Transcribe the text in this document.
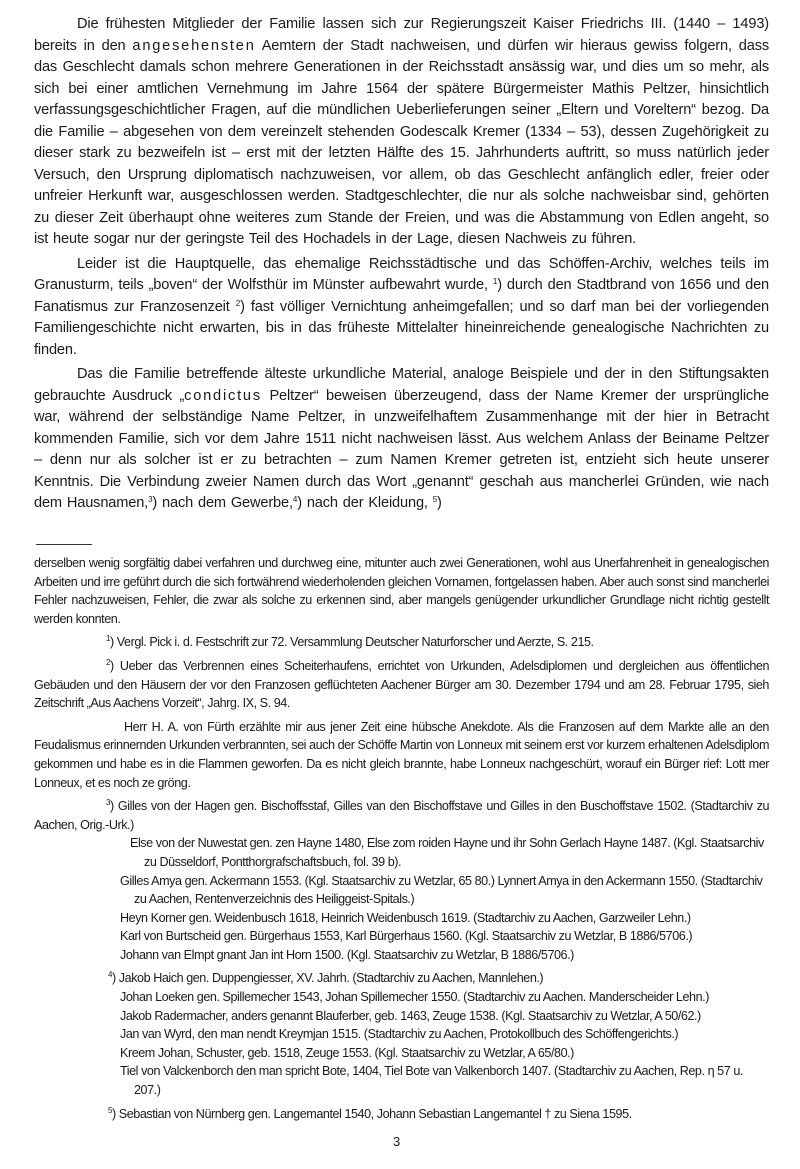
Die frühesten Mitglieder der Familie lassen sich zur Regierungszeit Kaiser Friedrichs III. (1440 – 1493) bereits in den angesehensten Aemtern der Stadt nachweisen, und dürfen wir hieraus gewiss folgern, dass das Geschlecht damals schon mehrere Generationen in der Reichsstadt ansässig war, und dies um so mehr, als sich bei einer amtlichen Vernehmung im Jahre 1564 der spätere Bürgermeister Mathis Peltzer, hinsichtlich verfassungsgeschichtlicher Fragen, auf die mündlichen Ueberlieferungen seiner „Eltern und Voreltern“ bezog. Da die Familie – abgesehen von dem vereinzelt stehenden Godescalk Kremer (1334 – 53), dessen Zugehörigkeit zu dieser stark zu bezweifeln ist – erst mit der letzten Hälfte des 15. Jahrhunderts auftritt, so muss natürlich jeder Versuch, den Ursprung diplomatisch nachzuweisen, vor allem, ob das Geschlecht anfänglich edler, freier oder unfreier Herkunft war, ausgeschlossen werden. Stadtgeschlechter, die nur als solche nachweisbar sind, gehörten zu dieser Zeit überhaupt ohne weiteres zum Stande der Freien, und was die Abstammung von Edlen angeht, so ist heute sogar nur der geringste Teil des Hochadels in der Lage, diesen Nachweis zu führen.

Leider ist die Hauptquelle, das ehemalige Reichsstädtische und das Schöffen-Archiv, welches teils im Granusturm, teils „boven“ der Wolfsthür im Münster aufbewahrt wurde, $^1$) durch den Stadtbrand von 1656 und den Fanatismus zur Franzosenzeit $^2$) fast völliger Vernichtung anheimgefallen; und so darf man bei der vorliegenden Familiengeschichte nicht erwarten, bis in das früheste Mittelalter hineinreichende genealogische Nachrichten zu finden.

Das die Familie betreffende älteste urkundliche Material, analoge Beispiele und der in den Stiftungsakten gebrauchte Ausdruck „condictus Peltzer“ beweisen überzeugend, dass der Name Kremer der ursprüngliche war, während der selbständige Name Peltzer, in unzweifelhaftem Zusammenhange mit der hier in Betracht kommenden Familie, sich vor dem Jahre 1511 nicht nachweisen lässt. Aus welchem Anlass der Beiname Peltzer – denn nur als solcher ist er zu betrachten – zum Namen Kremer getreten ist, entzieht sich heute unserer Kenntnis. Die Verbindung zweier Namen durch das Wort „genannt“ geschah aus mancherlei Gründen, wie nach dem Hausnamen,$^3$) nach dem Gewerbe,$^4$) nach der Kleidung, $^5$)

derselben wenig sorgfältig dabei verfahren und durchweg eine, mitunter auch zwei Generationen, wohl aus Unerfahrenheit in genealogischen Arbeiten und irre geführt durch die sich fortwährend wiederholenden gleichen Vornamen, fortgelassen haben. Aber auch sonst sind mancherlei Fehler nachzuweisen, Fehler, die zwar als solche zu erkennen sind, aber mangels genügender urkundlicher Grundlage nicht richtig gestellt werden konnten.

$^1$) Vergl. Pick i. d. Festschrift zur 72. Versammlung Deutscher Naturforscher und Aerzte, S. 215.

$^2$) Ueber das Verbrennen eines Scheiterhaufens, errichtet von Urkunden, Adelsdiplomen und dergleichen aus öffentlichen Gebäuden und den Häusern der vor den Franzosen geflüchteten Aachener Bürger am 30. Dezember 1794 und am 28. Februar 1795, sieh Zeitschrift „Aus Aachens Vorzeit“, Jahrg. IX, S. 94.

Herr H. A. von Fürth erzählte mir aus jener Zeit eine hübsche Anekdote. Als die Franzosen auf dem Markte alle an den Feudalismus erinnernden Urkunden verbrannten, sei auch der Schöffe Martin von Lonneux mit seinem erst vor kurzem erhaltenen Adelsdiplom gekommen und habe es in die Flammen geworfen. Da es nicht gleich brannte, habe Lonneux nachgeschürt, worauf ein Bürger rief: Lott mer Lonneux, et es noch ze gröng.

$^3$) Gilles von der Hagen gen. Bischoffsstaf, Gilles van den Bischoffstave und Gilles in den Buschoffstave 1502. (Stadtarchiv zu Aachen, Orig.-Urk.)

Else von der Nuwestat gen. zen Hayne 1480, Else zom roiden Hayne und ihr Sohn Gerlach Hayne 1487. (Kgl. Staatsarchiv zu Düsseldorf, Pontthorgrafschaftsbuch, fol. 39 b).

Gilles Amya gen. Ackermann 1553. (Kgl. Staatsarchiv zu Wetzlar, 65 80.) Lynnert Amya in den Ackermann 1550. (Stadtarchiv zu Aachen, Rentenverzeichnis des Heiliggeist-Spitals.)

Heyn Korner gen. Weidenbusch 1618, Heinrich Weidenbusch 1619. (Stadtarchiv zu Aachen, Garzweiler Lehn.)

Karl von Burtscheid gen. Bürgerhaus 1553, Karl Bürgerhaus 1560. (Kgl. Staatsarchiv zu Wetzlar, B 1886/5706.)

Johann van Elmpt gnant Jan int Horn 1500. (Kgl. Staatsarchiv zu Wetzlar, B 1886/5706.)

$^4$) Jakob Haich gen. Duppengiesser, XV. Jahrh. (Stadtarchiv zu Aachen, Mannlehen.)

Johan Loeken gen. Spillemecher 1543, Johan Spillemecher 1550. (Stadtarchiv zu Aachen. Manderscheider Lehn.)

Jakob Radermacher, anders genannt Blauferber, geb. 1463, Zeuge 1538. (Kgl. Staatsarchiv zu Wetzlar, A 50/62.)

Jan van Wyrd, den man nendt Kreymjan 1515. (Stadtarchiv zu Aachen, Protokollbuch des Schöffengerichts.)

Kreem Johan, Schuster, geb. 1518, Zeuge 1553. (Kgl. Staatsarchiv zu Wetzlar, A 65/80.)

Tiel von Valckenborch den man spricht Bote, 1404, Tiel Bote van Valkenborch 1407. (Stadtarchiv zu Aachen, Rep. η 57 u. 207.)

$^5$) Sebastian von Nürnberg gen. Langemantel 1540, Johann Sebastian Langemantel † zu Siena 1595.

3
